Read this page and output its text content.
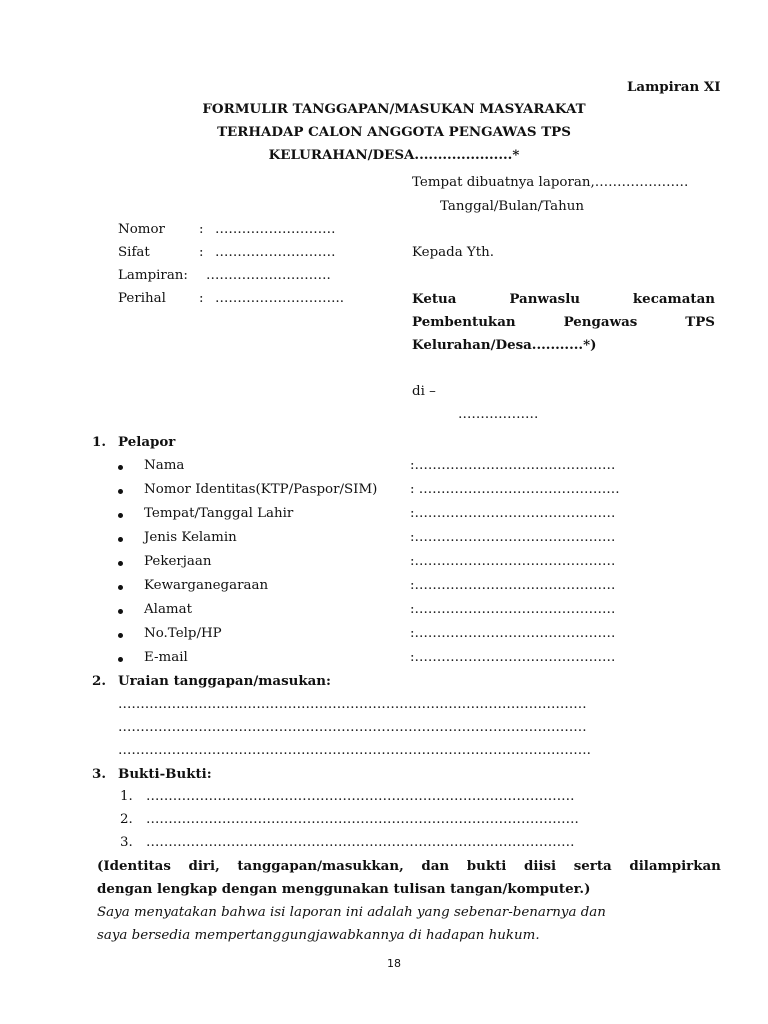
Lampiran XI
FORMULIR TANGGAPAN/MASUKAN MASYARAKAT
TERHADAP CALON ANGGOTA PENGAWAS TPS
KELURAHAN/DESA.....................*
Tempat dibuatnya laporan,…………………
Tanggal/Bulan/Tahun
Nomor	: ………………………
Sifat	: ………………………
Lampiran: ……………………….
Perihal : ………………………..
Kepada Yth.
Ketua	Panwaslu	kecamatan
Pembentukan	Pengawas	TPS
Kelurahan/Desa...........*)
di –
………………
1. Pelapor
Nama	:………………………………………
Nomor Identitas(KTP/Paspor/SIM) : ………………………………………
Tempat/Tanggal Lahir	:………………………………………
Jenis Kelamin	:………………………………………
Pekerjaan	:………………………………………
Kewarganegaraan	:………………………………………
Alamat	:………………………………………
No.Telp/HP	:………………………………………
E-mail	:………………………………………
2. Uraian tanggapan/masukan:
……………………………………………………………………………………………
……………………………………………………………………………………………
…………………………………………………………………………………………….
3. Bukti-Bukti:
1. ……………………………………………………………………………………
2. …………………………………………………………………………………….
3. ……………………………………………………………………………………
(Identitas diri, tanggapan/masukkan, dan bukti diisi serta dilampirkan
dengan lengkap dengan menggunakan tulisan tangan/komputer.)
Saya menyatakan bahwa isi laporan ini adalah yang sebenar-benarnya dan
saya bersedia mempertanggungjawabkannya di hadapan hukum.
18
